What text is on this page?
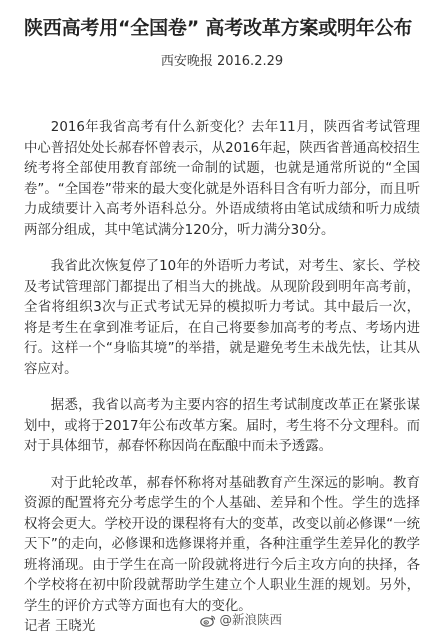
陕西高考用“全国卷” 高考改革方案或明年公布
西安晚报 2016.2.29

2016年我省高考有什么新变化？去年11月，陕西省考试管理中心普招处处长郝春怀曾表示，从2016年起，陕西省普通高校招生统考将全部使用教育部统一命制的试题，也就是通常所说的“全国卷”。“全国卷”带来的最大变化就是外语科目含有听力部分，而且听力成绩要计入高考外语科总分。外语成绩将由笔试成绩和听力成绩两部分组成，其中笔试满分120分，听力满分30分。

我省此次恢复停了10年的外语听力考试，对考生、家长、学校及考试管理部门都提出了相当大的挑战。从现阶段到明年高考前，全省将组织3次与正式考试无异的模拟听力考试。其中最后一次，将是考生在拿到准考证后，在自己将要参加高考的考点、考场内进行。这样一个“身临其境”的举措，就是避免考生未战先怯，让其从容应对。

据悉，我省以高考为主要内容的招生考试制度改革正在紧张谋划中，或将于2017年公布改革方案。届时，考生将不分文理科。而对于具体细节，郝春怀称因尚在酝酿中而未予透露。

对于此轮改革，郝春怀称将对基础教育产生深远的影响。教育资源的配置将充分考虑学生的个人基础、差异和个性。学生的选择权将会更大。学校开设的课程将有大的变革，改变以前必修课“一统天下”的走向，必修课和选修课将并重，各种注重学生差异化的教学班将涌现。由于学生在高一阶段就将进行今后主攻方向的抉择，各个学校将在初中阶段就帮助学生建立个人职业生涯的规划。另外，学生的评价方式等方面也有大的变化。

记者 王晓光	@新浪陕西
